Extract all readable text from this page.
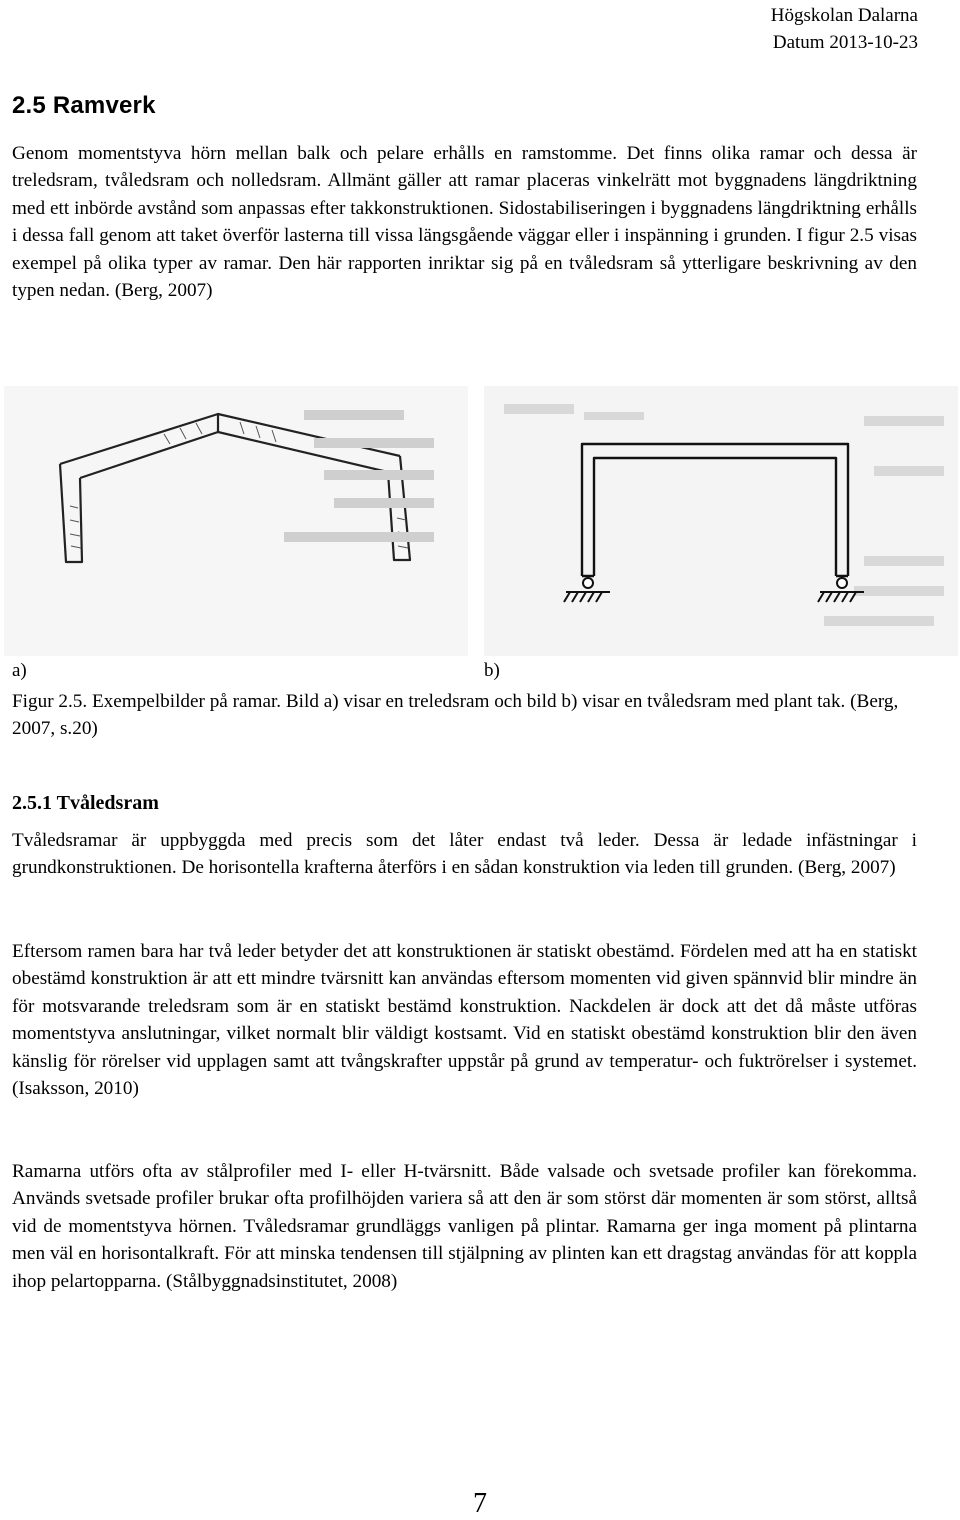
Högskolan Dalarna
Datum 2013-10-23
2.5 Ramverk

Genom momentstyva hörn mellan balk och pelare erhålls en ramstomme. Det finns olika ramar och dessa är treledsram, tvåledsram och nolledsram. Allmänt gäller att ramar placeras vinkelrätt mot byggnadens längdriktning med ett inbörde avstånd som anpassas efter takkonstruktionen. Sidostabiliseringen i byggnadens längdriktning erhålls i dessa fall genom att taket överför lasterna till vissa längsgående väggar eller i inspänning i grunden. I figur 2.5 visas exempel på olika typer av ramar. Den här rapporten inriktar sig på en tvåledsram så ytterligare beskrivning av den typen nedan. (Berg, 2007)

a)	b)

Figur 2.5. Exempelbilder på ramar. Bild a) visar en treledsram och bild b) visar en tvåledsram med plant tak. (Berg, 2007, s.20)

2.5.1 Tvåledsram

Tvåledsramar är uppbyggda med precis som det låter endast två leder. Dessa är ledade infästningar i grundkonstruktionen. De horisontella krafterna återförs i en sådan konstruktion via leden till grunden. (Berg, 2007)

Eftersom ramen bara har två leder betyder det att konstruktionen är statiskt obestämd. Fördelen med att ha en statiskt obestämd konstruktion är att ett mindre tvärsnitt kan användas eftersom momenten vid given spännvid blir mindre än för motsvarande treledsram som är en statiskt bestämd konstruktion. Nackdelen är dock att det då måste utföras momentstyva anslutningar, vilket normalt blir väldigt kostsamt. Vid en statiskt obestämd konstruktion blir den även känslig för rörelser vid upplagen samt att tvångskrafter uppstår på grund av temperatur- och fuktrörelser i systemet. (Isaksson, 2010)

Ramarna utförs ofta av stålprofiler med I- eller H-tvärsnitt. Både valsade och svetsade profiler kan förekomma. Används svetsade profiler brukar ofta profilhöjden variera så att den är som störst där momenten är som störst, alltså vid de momentstyva hörnen. Tvåledsramar grundläggs vanligen på plintar. Ramarna ger inga moment på plintarna men väl en horisontalkraft. För att minska tendensen till stjälpning av plinten kan ett dragstag användas för att koppla ihop pelartopparna. (Stålbyggnadsinstitutet, 2008)

7
